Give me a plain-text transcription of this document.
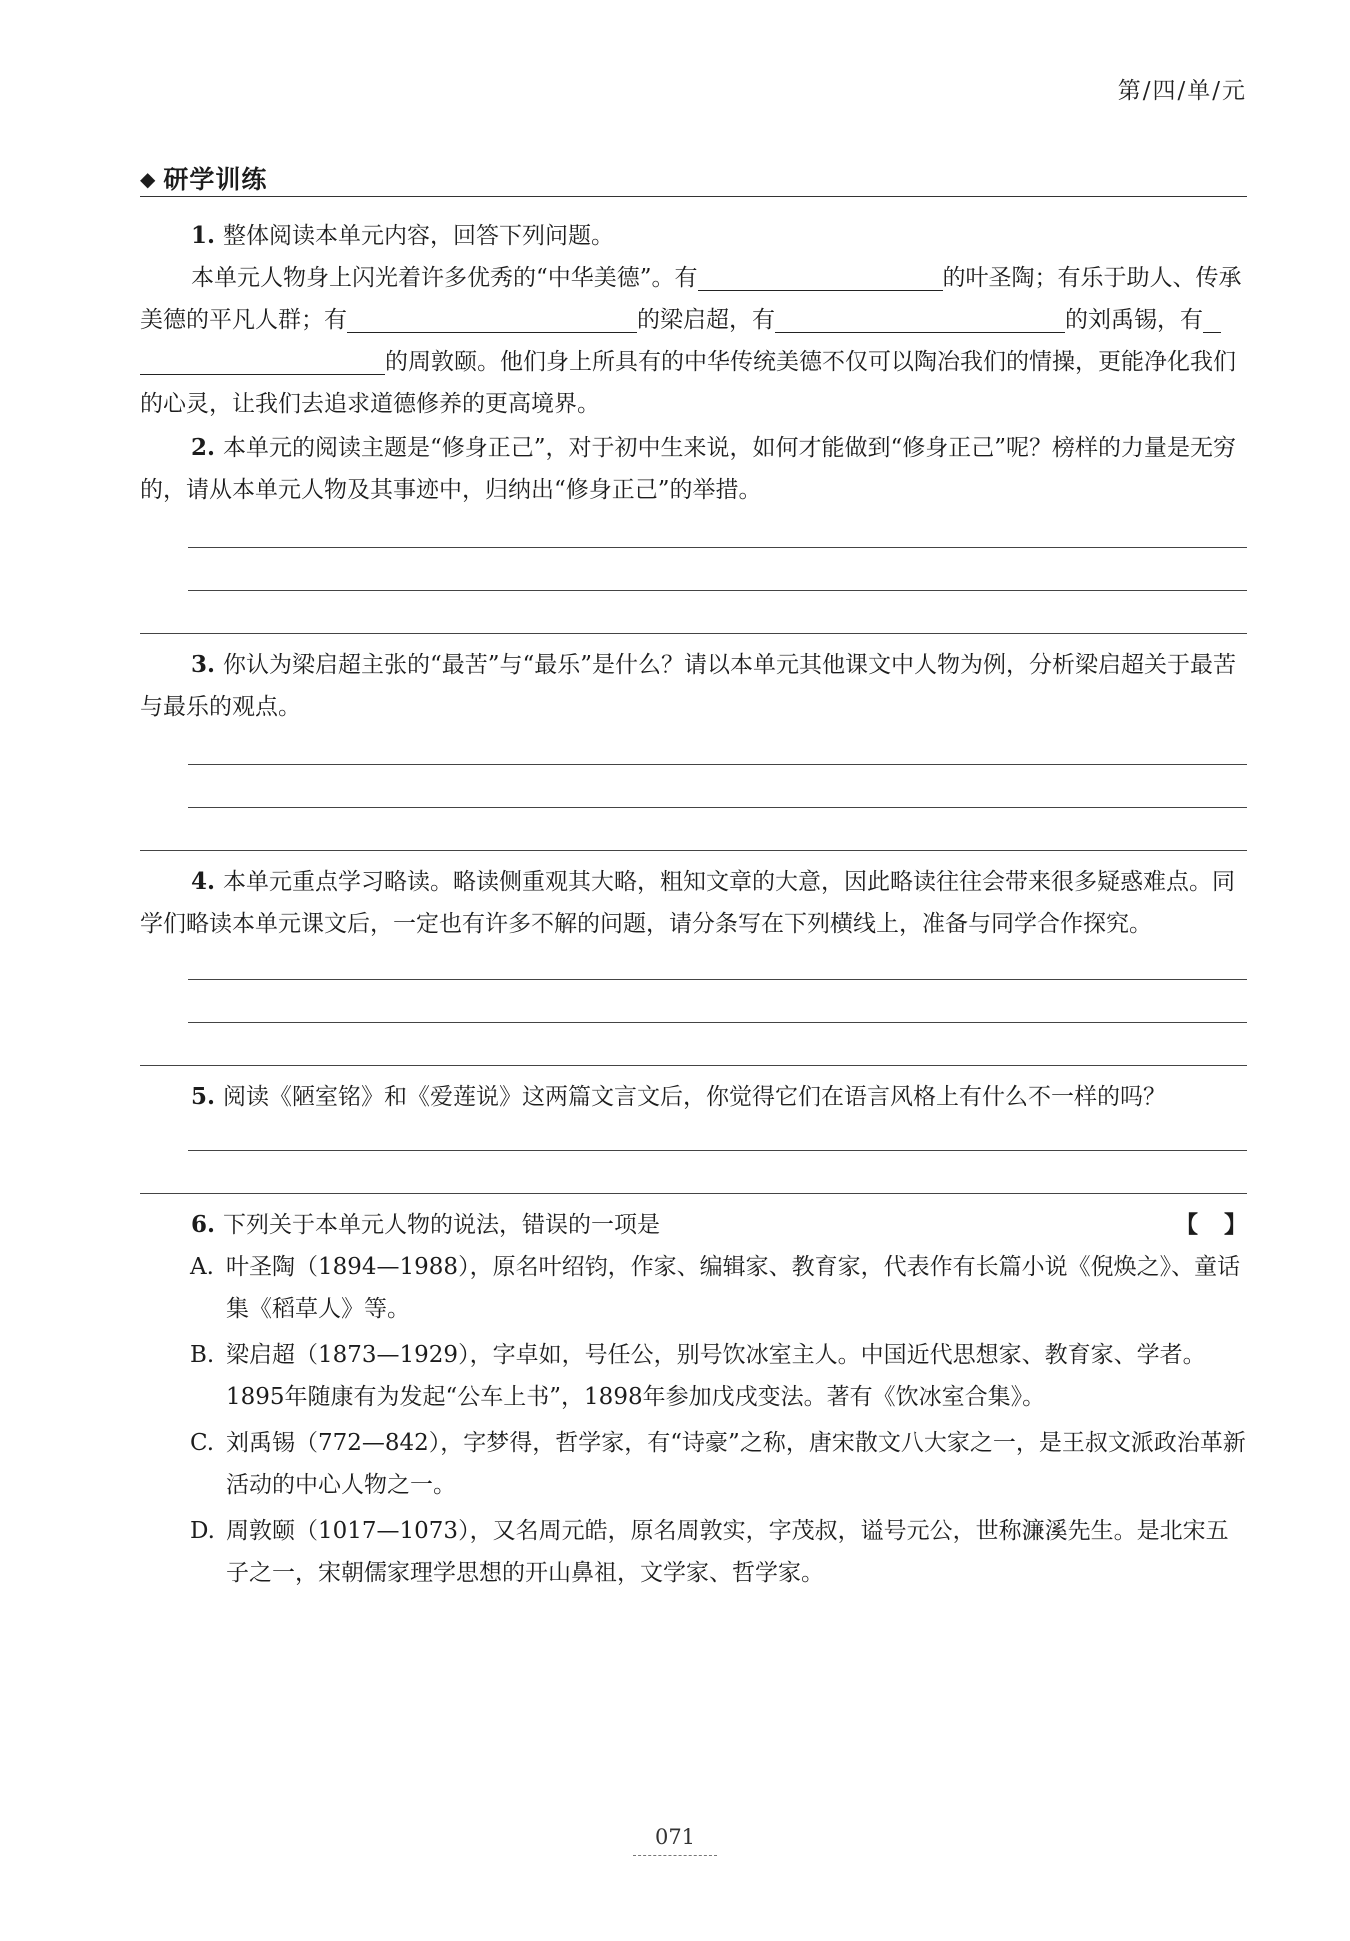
第/四/单/元
◆ 研学训练

1. 整体阅读本单元内容，回答下列问题。

本单元人物身上闪光着许多优秀的“中华美德”。有	的叶圣陶；有乐于助人、传承美德的平凡人群；有	的梁启超，有	的刘禹锡，有 的周敦颐。他们身上所具有的中华传统美德不仅可以陶冶我们的情操，更能净化我们的心灵，让我们去追求道德修养的更高境界。

2. 本单元的阅读主题是“修身正己”，对于初中生来说，如何才能做到“修身正己”呢？榜样的力量是无穷的，请从本单元人物及其事迹中，归纳出“修身正己”的举措。

3. 你认为梁启超主张的“最苦”与“最乐”是什么？请以本单元其他课文中人物为例，分析梁启超关于最苦与最乐的观点。

4. 本单元重点学习略读。略读侧重观其大略，粗知文章的大意，因此略读往往会带来很多疑惑难点。同学们略读本单元课文后，一定也有许多不解的问题，请分条写在下列横线上，准备与同学合作探究。

5. 阅读《陋室铭》和《爱莲说》这两篇文言文后，你觉得它们在语言风格上有什么不一样的吗？

6. 下列关于本单元人物的说法，错误的一项是	【】

A. 叶圣陶（1894—1988），原名叶绍钧，作家、编辑家、教育家，代表作有长篇小说《倪焕之》、童话集《稻草人》等。

B. 梁启超（1873—1929），字卓如，号任公，别号饮冰室主人。中国近代思想家、教育家、学者。1895年随康有为发起“公车上书”，1898年参加戊戌变法。著有《饮冰室合集》。

C. 刘禹锡（772—842），字梦得，哲学家，有“诗豪”之称，唐宋散文八大家之一，是王叔文派政治革新活动的中心人物之一。

D. 周敦颐（1017—1073），又名周元皓，原名周敦实，字茂叔，谥号元公，世称濂溪先生。是北宋五子之一，宋朝儒家理学思想的开山鼻祖，文学家、哲学家。

071
